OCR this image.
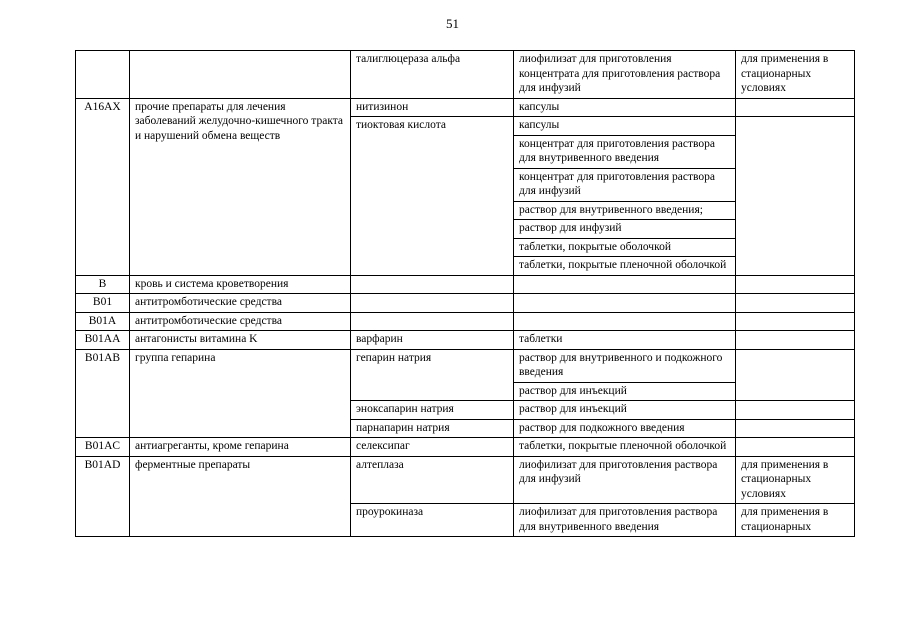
51
		талиглюцераза альфа	лиофилизат для приготовления концентрата для приготовления раствора для инфузий	для применения в стационарных условиях
A16AX	прочие препараты для лечения заболеваний желудочно-кишечного тракта и нарушений обмена веществ	нитизинон	капсулы	
		тиоктовая кислота	капсулы	
			концентрат для приготовления раствора для внутривенного введения	
			концентрат для приготовления раствора для инфузий	
			раствор для внутривенного введения;	
			раствор для инфузий	
			таблетки, покрытые оболочкой	
			таблетки, покрытые пленочной оболочкой	
B	кровь и система кроветворения			
B01	антитромботические средства			
B01A	антитромботические средства			
B01AA	антагонисты витамина K	варфарин	таблетки	
B01AB	группа гепарина	гепарин натрия	раствор для внутривенного и подкожного введения	
			раствор для инъекций	
		эноксапарин натрия	раствор для инъекций	
		парнапарин натрия	раствор для подкожного введения	
B01AC	антиагреганты, кроме гепарина	селексипаг	таблетки, покрытые пленочной оболочкой	
B01AD	ферментные препараты	алтеплаза	лиофилизат для приготовления раствора для инфузий	для применения в стационарных условиях
		проурокиназа	лиофилизат для приготовления раствора для внутривенного введения	для применения в стационарных
